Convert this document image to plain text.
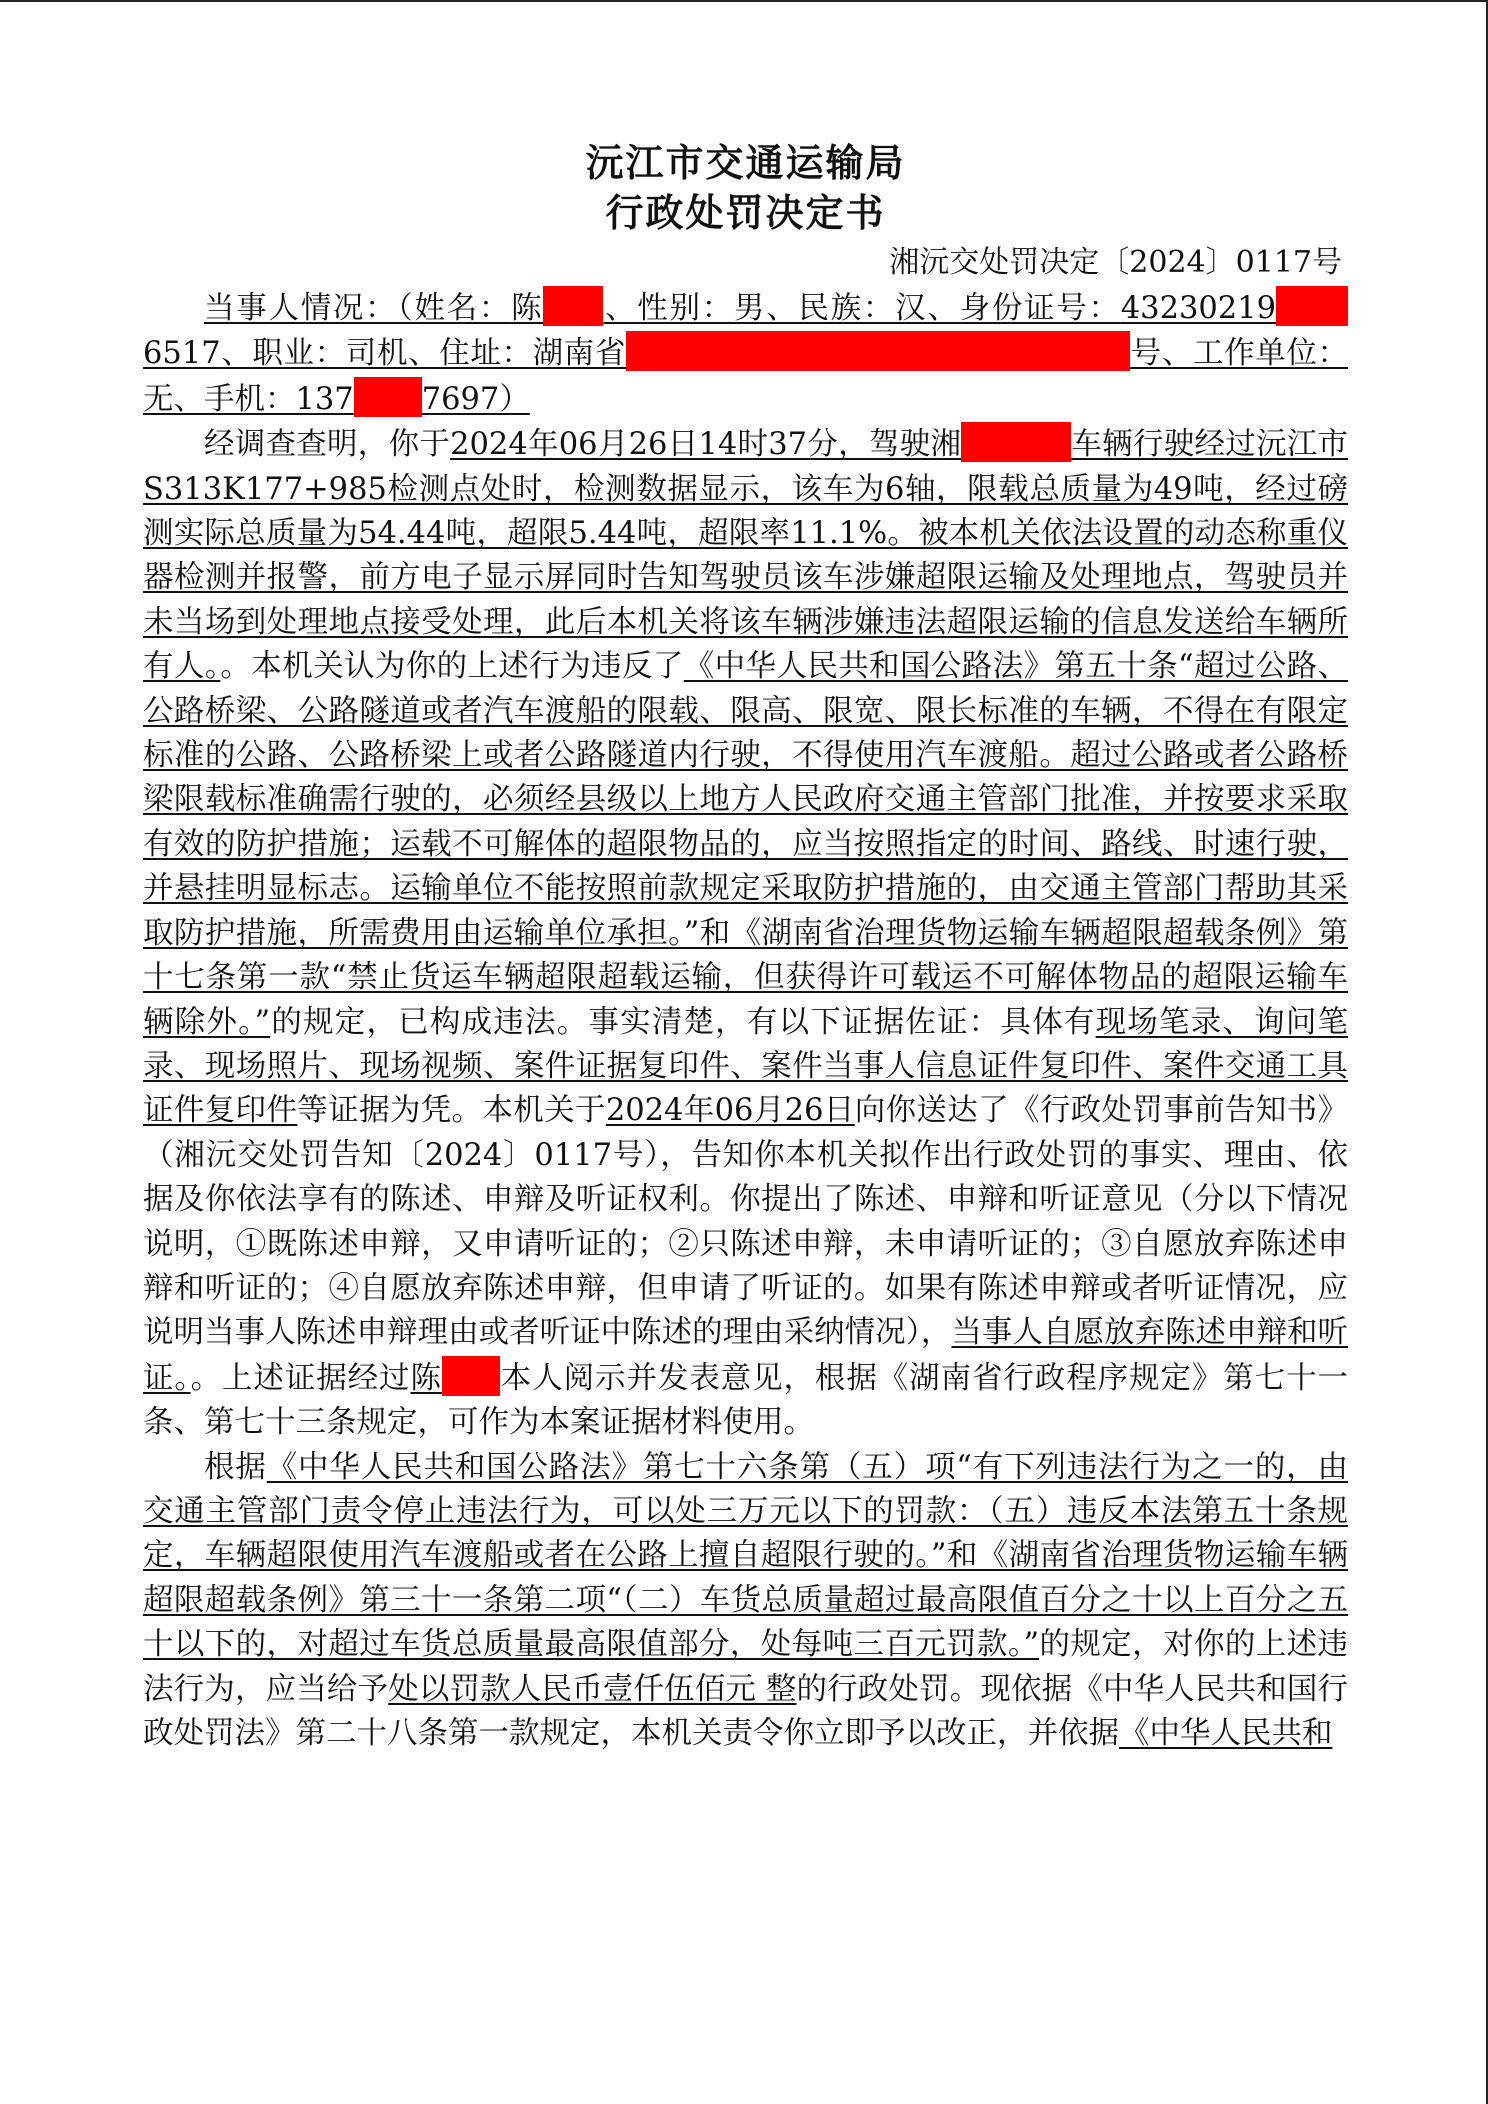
沅江市交通运输局
行政处罚决定书
湘沅交处罚决定〔2024〕0117号

当事人情况：（姓名：陈 、性别：男、民族：汉、身份证号：432302196517、职业：司机、住址：湖南省	号、工作单位：无、手机：137 7697）

经调查查明，你于2024年06月26日14时37分，驾驶湘	车辆行驶经过沅江市S313K177+985检测点处时，检测数据显示，该车为6轴，限载总质量为49吨，经过磅测实际总质量为54.44吨，超限5.44吨，超限率11.1%。被本机关依法设置的动态称重仪器检测并报警，前方电子显示屏同时告知驾驶员该车涉嫌超限运输及处理地点，驾驶员并未当场到处理地点接受处理，此后本机关将该车辆涉嫌违法超限运输的信息发送给车辆所有人。。本机关认为你的上述行为违反了《中华人民共和国公路法》第五十条“超过公路、公路桥梁、公路隧道或者汽车渡船的限载、限高、限宽、限长标准的车辆，不得在有限定标准的公路、公路桥梁上或者公路隧道内行驶，不得使用汽车渡船。超过公路或者公路桥梁限载标准确需行驶的，必须经县级以上地方人民政府交通主管部门批准，并按要求采取有效的防护措施；运载不可解体的超限物品的，应当按照指定的时间、路线、时速行驶，并悬挂明显标志。运输单位不能按照前款规定采取防护措施的，由交通主管部门帮助其采取防护措施，所需费用由运输单位承担。”和《湖南省治理货物运输车辆超限超载条例》第十七条第一款“禁止货运车辆超限超载运输，但获得许可载运不可解体物品的超限运输车辆除外。”的规定，已构成违法。事实清楚，有以下证据佐证：具体有现场笔录、询问笔录、现场照片、现场视频、案件证据复印件、案件当事人信息证件复印件、案件交通工具证件复印件等证据为凭。本机关于2024年06月26日向你送达了《行政处罚事前告知书》（湘沅交处罚告知〔2024〕0117号），告知你本机关拟作出行政处罚的事实、理由、依据及你依法享有的陈述、申辩及听证权利。你提出了陈述、申辩和听证意见（分以下情况说明，①既陈述申辩，又申请听证的；②只陈述申辩，未申请听证的；③自愿放弃陈述申辩和听证的；④自愿放弃陈述申辩，但申请了听证的。如果有陈述申辩或者听证情况，应说明当事人陈述申辩理由或者听证中陈述的理由采纳情况），当事人自愿放弃陈述申辩和听证。。上述证据经过陈 本人阅示并发表意见，根据《湖南省行政程序规定》第七十一条、第七十三条规定，可作为本案证据材料使用。

根据《中华人民共和国公路法》第七十六条第（五）项“有下列违法行为之一的，由交通主管部门责令停止违法行为，可以处三万元以下的罚款：（五）违反本法第五十条规定，车辆超限使用汽车渡船或者在公路上擅自超限行驶的。”和《湖南省治理货物运输车辆超限超载条例》第三十一条第二项“（二）车货总质量超过最高限值百分之十以上百分之五十以下的，对超过车货总质量最高限值部分，处每吨三百元罚款。”的规定，对你的上述违法行为，应当给予处以罚款人民币壹仟伍佰元 整的行政处罚。现依据《中华人民共和国行政处罚法》第二十八条第一款规定，本机关责令你立即予以改正，并依据《中华人民共和
